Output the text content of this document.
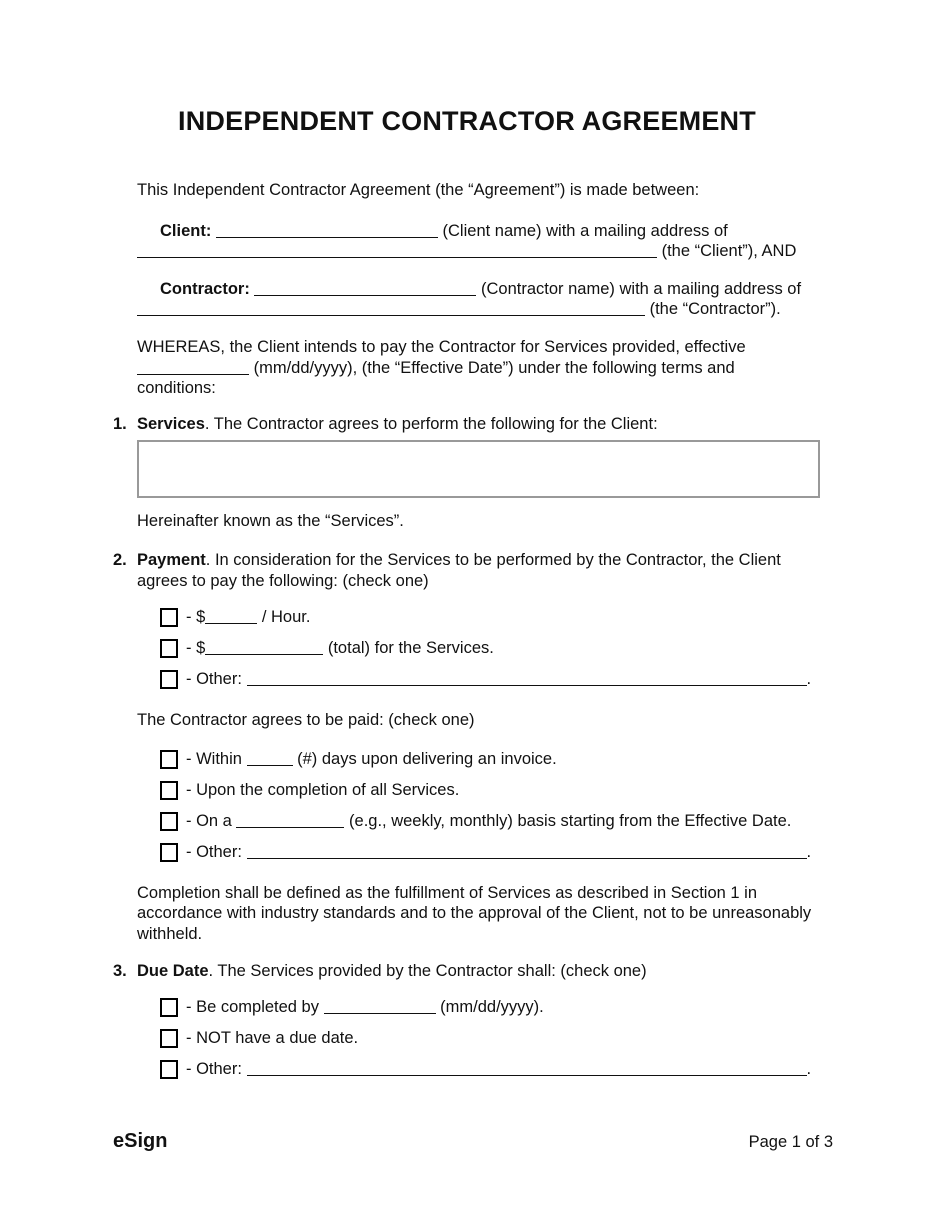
INDEPENDENT CONTRACTOR AGREEMENT
This Independent Contractor Agreement (the “Agreement”) is made between:
Client:	(Client name) with a mailing address of
(the “Client”), AND
Contractor:	(Contractor name) with a mailing address of
(the “Contractor”).
WHEREAS, the Client intends to pay the Contractor for Services provided, effective
(mm/dd/yyyy), (the “Effective Date”) under the following terms and
conditions:
1. Services. The Contractor agrees to perform the following for the Client:
Hereinafter known as the “Services”.
2. Payment. In consideration for the Services to be performed by the Contractor, the Client
agrees to pay the following: (check one)
- $	/ Hour.
- $	(total) for the Services.
- Other:	.
The Contractor agrees to be paid: (check one)
- Within	(#) days upon delivering an invoice.
- Upon the completion of all Services.
- On a	(e.g., weekly, monthly) basis starting from the Effective Date.
- Other:	.
Completion shall be defined as the fulfillment of Services as described in Section 1 in
accordance with industry standards and to the approval of the Client, not to be unreasonably
withheld.
3. Due Date. The Services provided by the Contractor shall: (check one)
- Be completed by	(mm/dd/yyyy).
- NOT have a due date.
- Other:	.
eSign	Page 1 of 3
